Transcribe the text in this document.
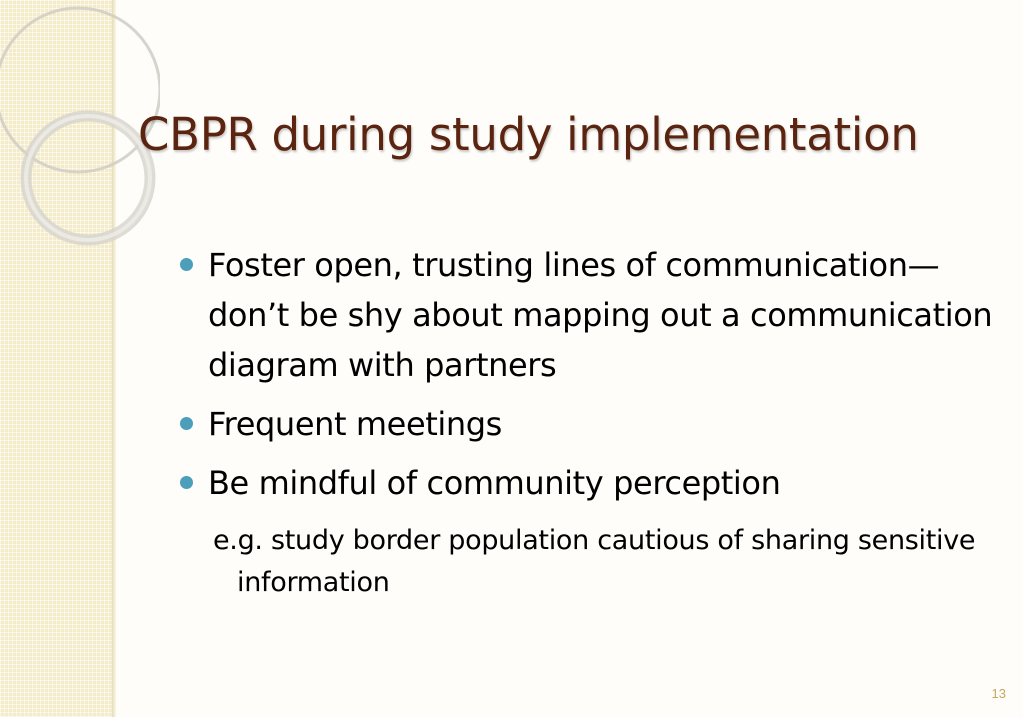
CBPR during study implementation
Foster open, trusting lines of communication—don’t be shy about mapping out a communication diagram with partners
Frequent meetings
Be mindful of community perception
e.g. study border population cautious of sharing sensitive information
13
